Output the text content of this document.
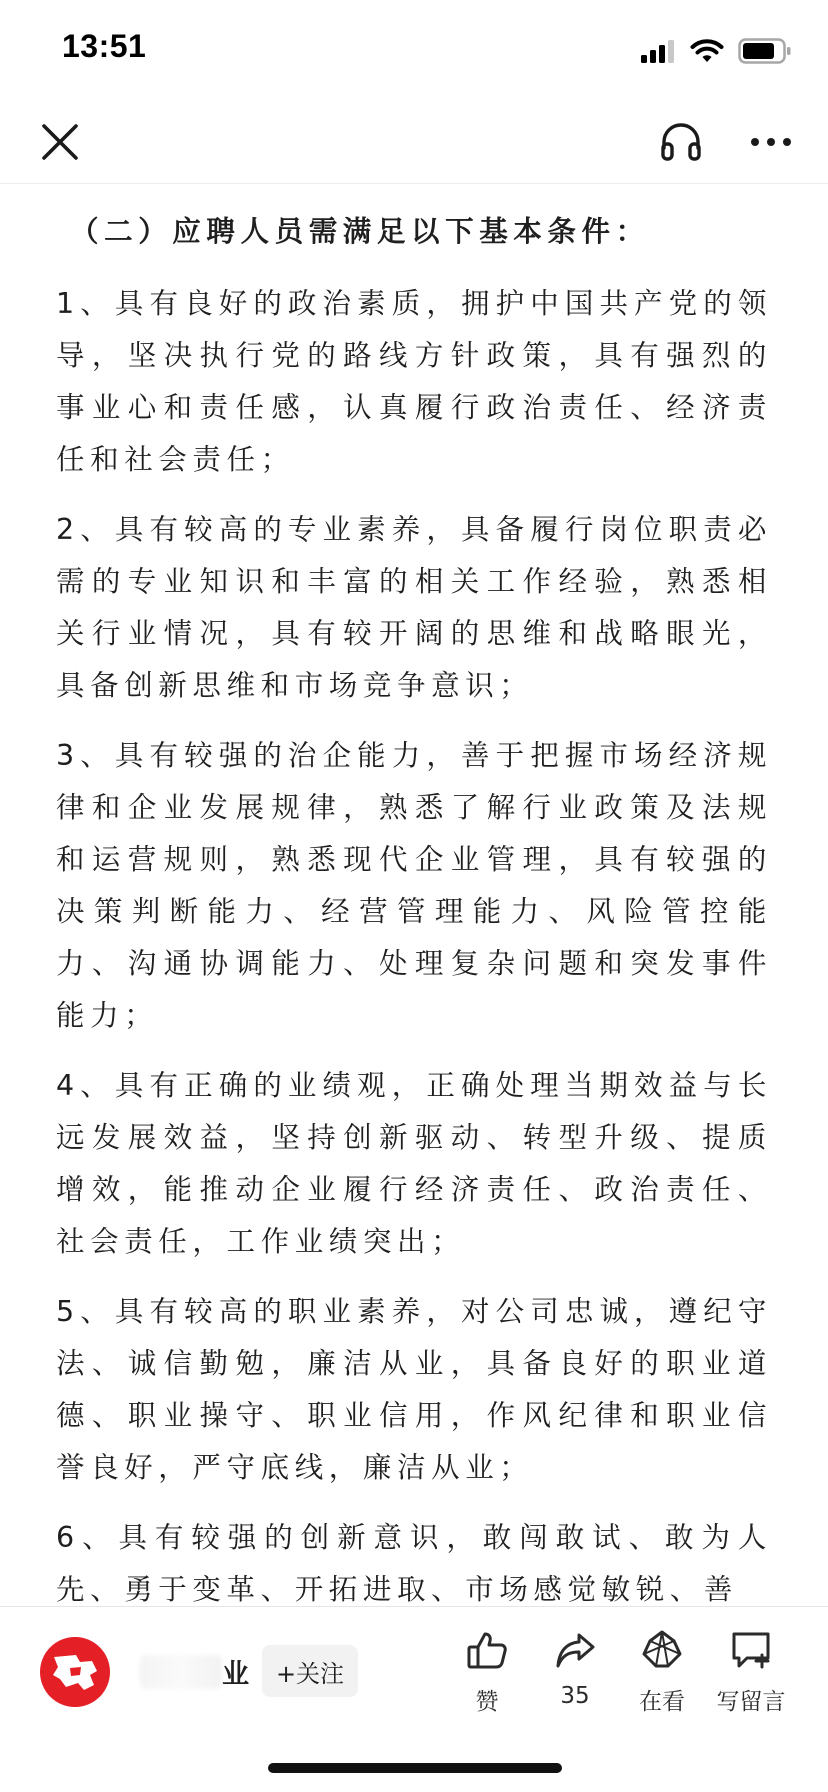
13:51

（二）应聘人员需满足以下基本条件：

1、具有良好的政治素质，拥护中国共产党的领导，坚决执行党的路线方针政策，具有强烈的事业心和责任感，认真履行政治责任、经济责任和社会责任；

2、具有较高的专业素养，具备履行岗位职责必需的专业知识和丰富的相关工作经验，熟悉相关行业情况，具有较开阔的思维和战略眼光，具备创新思维和市场竞争意识；

3、具有较强的治企能力，善于把握市场经济规律和企业发展规律，熟悉了解行业政策及法规和运营规则，熟悉现代企业管理，具有较强的决策判断能力、经营管理能力、风险管控能力、沟通协调能力、处理复杂问题和突发事件能力；

4、具有正确的业绩观，正确处理当期效益与长远发展效益，坚持创新驱动、转型升级、提质增效，能推动企业履行经济责任、政治责任、社会责任，工作业绩突出；

5、具有较高的职业素养，对公司忠诚，遵纪守法、诚信勤勉，廉洁从业，具备良好的职业道德、职业操守、职业信用，作风纪律和职业信誉良好，严守底线，廉洁从业；

6、具有较强的创新意识，敢闯敢试、敢为人先、勇于变革、开拓进取、市场感觉敏锐、善

业	+关注
赞	35	在看	写留言
